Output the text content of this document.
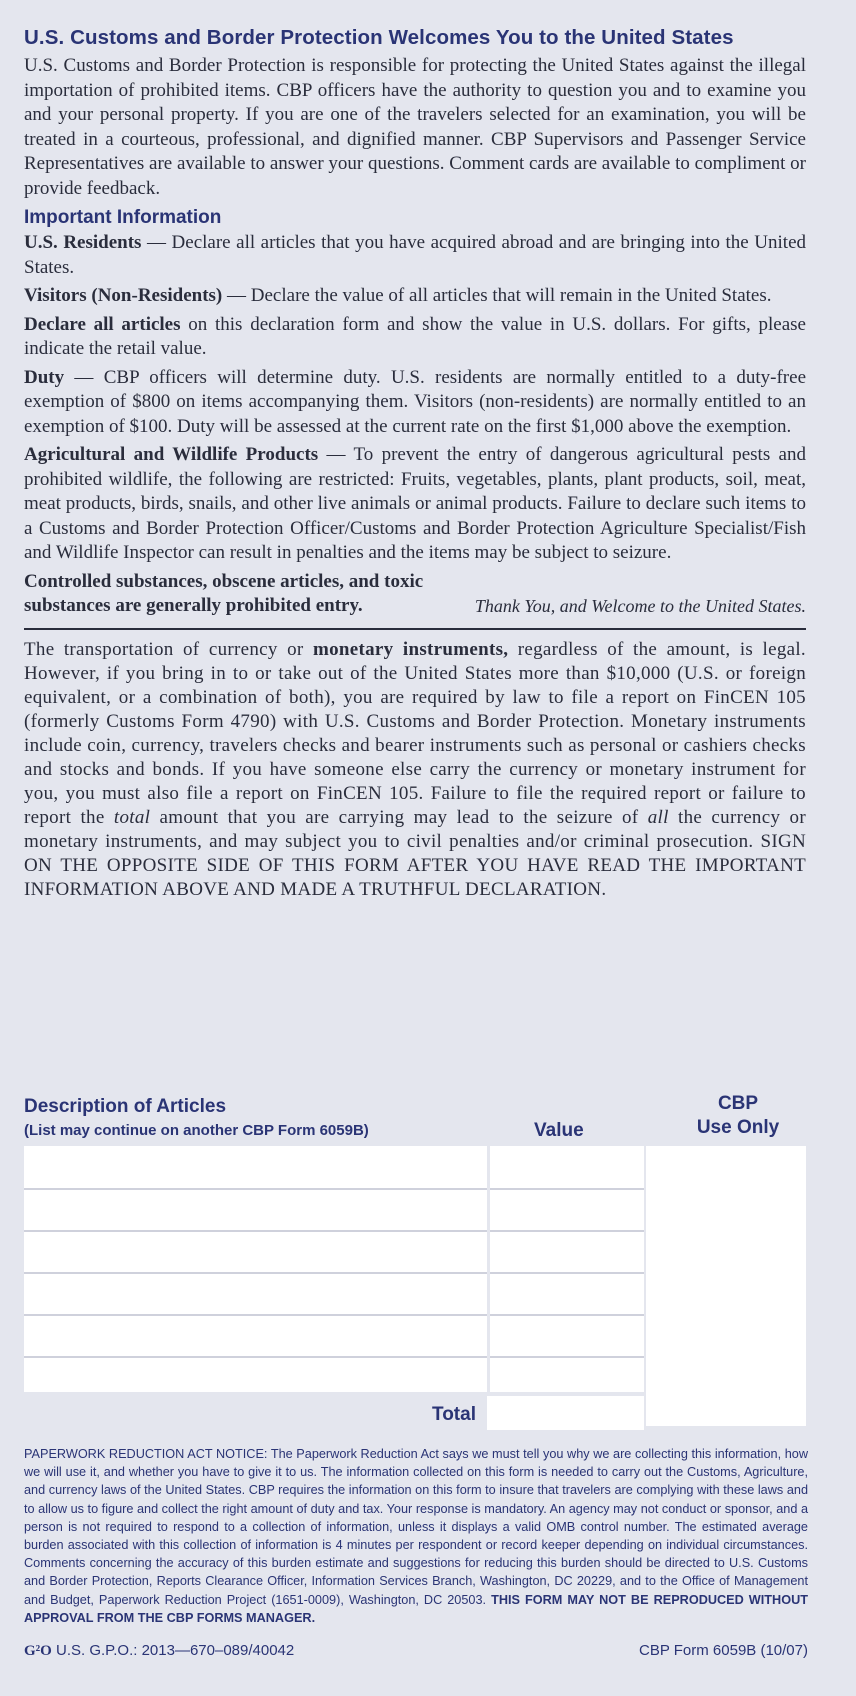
U.S. Customs and Border Protection Welcomes You to the United States

U.S. Customs and Border Protection is responsible for protecting the United States against the illegal importation of prohibited items. CBP officers have the authority to question you and to examine you and your personal property. If you are one of the travelers selected for an examination, you will be treated in a courteous, professional, and dignified manner. CBP Supervisors and Passenger Service Representatives are available to answer your questions. Comment cards are available to compliment or provide feedback.

Important Information

U.S. Residents — Declare all articles that you have acquired abroad and are bringing into the United States.

Visitors (Non-Residents) — Declare the value of all articles that will remain in the United States.

Declare all articles on this declaration form and show the value in U.S. dollars. For gifts, please indicate the retail value.

Duty — CBP officers will determine duty. U.S. residents are normally entitled to a duty-free exemption of $800 on items accompanying them. Visitors (non-residents) are normally entitled to an exemption of $100. Duty will be assessed at the current rate on the first $1,000 above the exemption.

Agricultural and Wildlife Products — To prevent the entry of dangerous agricultural pests and prohibited wildlife, the following are restricted: Fruits, vegetables, plants, plant products, soil, meat, meat products, birds, snails, and other live animals or animal products. Failure to declare such items to a Customs and Border Protection Officer/Customs and Border Protection Agriculture Specialist/Fish and Wildlife Inspector can result in penalties and the items may be subject to seizure.

Controlled substances, obscene articles, and toxic substances are generally prohibited entry.	Thank You, and Welcome to the United States.

The transportation of currency or monetary instruments, regardless of the amount, is legal. However, if you bring in to or take out of the United States more than $10,000 (U.S. or foreign equivalent, or a combination of both), you are required by law to file a report on FinCEN 105 (formerly Customs Form 4790) with U.S. Customs and Border Protection. Monetary instruments include coin, currency, travelers checks and bearer instruments such as personal or cashiers checks and stocks and bonds. If you have someone else carry the currency or monetary instrument for you, you must also file a report on FinCEN 105. Failure to file the required report or failure to report the total amount that you are carrying may lead to the seizure of all the currency or monetary instruments, and may subject you to civil penalties and/or criminal prosecution. SIGN ON THE OPPOSITE SIDE OF THIS FORM AFTER YOU HAVE READ THE IMPORTANT INFORMATION ABOVE AND MADE A TRUTHFUL DECLARATION.

Description of Articles
(List may continue on another CBP Form 6059B)	Value
CBP
Use Only
Total
PAPERWORK REDUCTION ACT NOTICE: The Paperwork Reduction Act says we must tell you why we are collecting this information, how we will use it, and whether you have to give it to us. The information collected on this form is needed to carry out the Customs, Agriculture, and currency laws of the United States. CBP requires the information on this form to insure that travelers are complying with these laws and to allow us to figure and collect the right amount of duty and tax. Your response is mandatory. An agency may not conduct or sponsor, and a person is not required to respond to a collection of information, unless it displays a valid OMB control number. The estimated average burden associated with this collection of information is 4 minutes per respondent or record keeper depending on individual circumstances. Comments concerning the accuracy of this burden estimate and suggestions for reducing this burden should be directed to U.S. Customs and Border Protection, Reports Clearance Officer, Information Services Branch, Washington, DC 20229, and to the Office of Management and Budget, Paperwork Reduction Project (1651-0009), Washington, DC 20503. THIS FORM MAY NOT BE REPRODUCED WITHOUT APPROVAL FROM THE CBP FORMS MANAGER.
G²O U.S. G.P.O.: 2013—670–089/40042	CBP Form 6059B (10/07)
